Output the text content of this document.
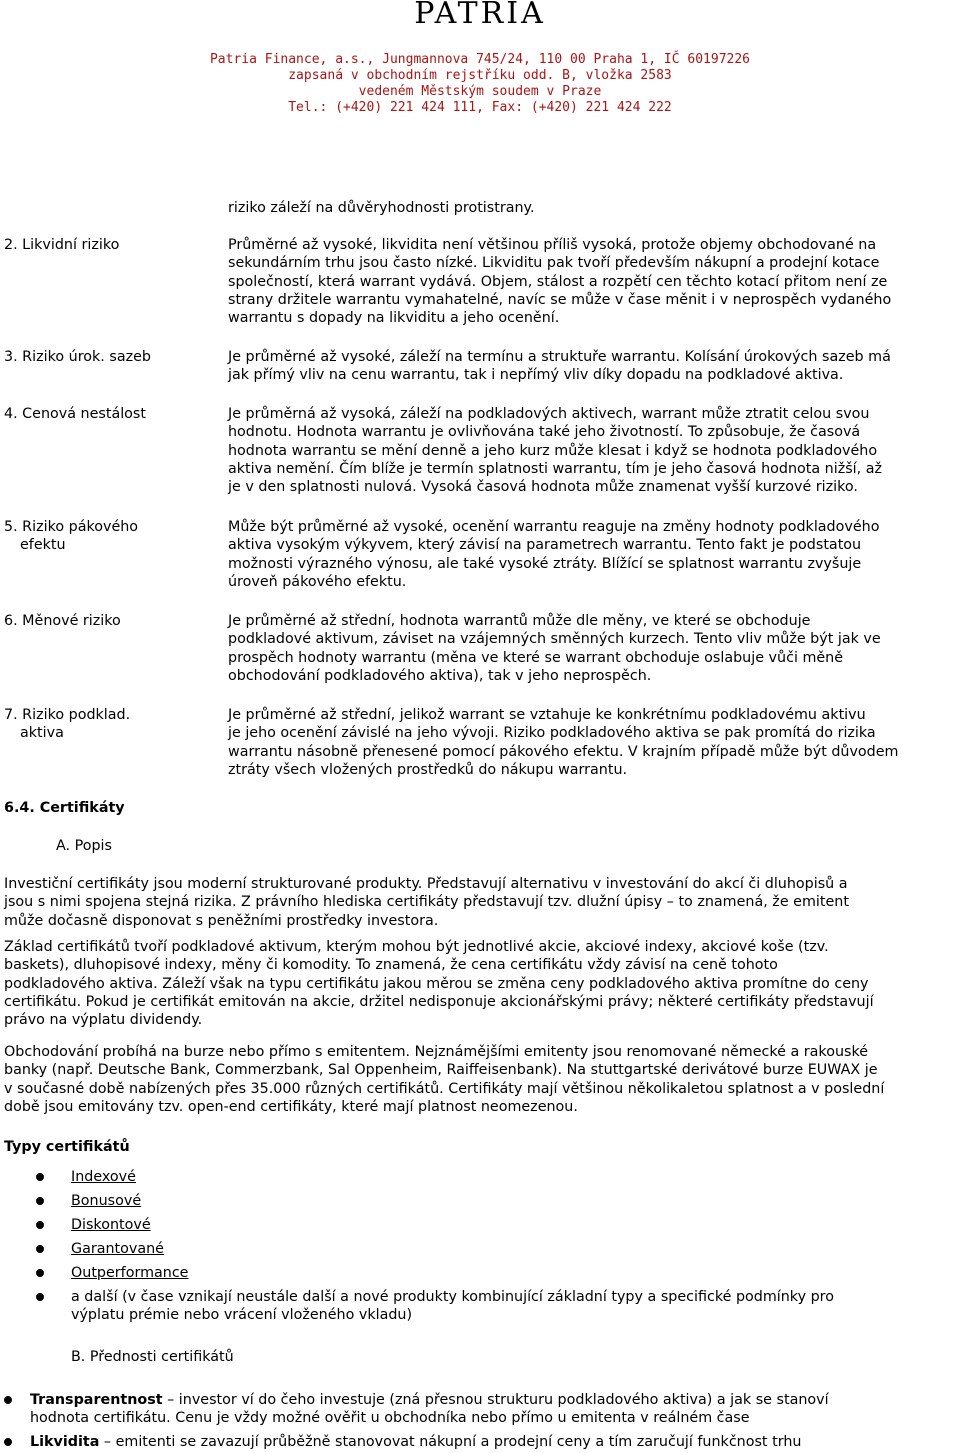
PATRIA
Patria Finance, a.s., Jungmannova 745/24, 110 00 Praha 1, IČ 60197226
zapsaná v obchodním rejstříku odd. B, vložka 2583
vedeném Městským soudem v Praze
Tel.: (+420) 221 424 111, Fax: (+420) 221 424 222
riziko záleží na důvěryhodnosti protistrany.
2. Likvidní riziko	Průměrné až vysoké, likvidita není většinou příliš vysoká, protože objemy obchodované na
sekundárním trhu jsou často nízké. Likviditu pak tvoří především nákupní a prodejní kotace
společností, která warrant vydává. Objem, stálost a rozpětí cen těchto kotací přitom není ze
strany držitele warrantu vymahatelné, navíc se může v čase měnit i v neprospěch vydaného
warrantu s dopady na likviditu a jeho ocenění.
3. Riziko úrok. sazeb	Je průměrné až vysoké, záleží na termínu a struktuře warrantu. Kolísání úrokových sazeb má
jak přímý vliv na cenu warrantu, tak i nepřímý vliv díky dopadu na podkladové aktiva.
4. Cenová nestálost	Je průměrná až vysoká, záleží na podkladových aktivech, warrant může ztratit celou svou
hodnotu. Hodnota warrantu je ovlivňována také jeho životností. To způsobuje, že časová
hodnota warrantu se mění denně a jeho kurz může klesat i když se hodnota podkladového
aktiva nemění. Čím blíže je termín splatnosti warrantu, tím je jeho časová hodnota nižší, až
je v den splatnosti nulová. Vysoká časová hodnota může znamenat vyšší kurzové riziko.
5. Riziko pákového
efektu
Může být průměrné až vysoké, ocenění warrantu reaguje na změny hodnoty podkladového
aktiva vysokým výkyvem, který závisí na parametrech warrantu. Tento fakt je podstatou
možnosti výrazného výnosu, ale také vysoké ztráty. Blížící se splatnost warrantu zvyšuje
úroveň pákového efektu.
6. Měnové riziko	Je průměrné až střední, hodnota warrantů může dle měny, ve které se obchoduje
podkladové aktivum, záviset na vzájemných směnných kurzech. Tento vliv může být jak ve
prospěch hodnoty warrantu (měna ve které se warrant obchoduje oslabuje vůči měně
obchodování podkladového aktiva), tak v jeho neprospěch.
7. Riziko podklad.
aktiva
Je průměrné až střední, jelikož warrant se vztahuje ke konkrétnímu podkladovému aktivu
je jeho ocenění závislé na jeho vývoji. Riziko podkladového aktiva se pak promítá do rizika
warrantu násobně přenesené pomocí pákového efektu. V krajním případě může být důvodem
ztráty všech vložených prostředků do nákupu warrantu.
6.4. Certifikáty
A. Popis
Investiční certifikáty jsou moderní strukturované produkty. Představují alternativu v investování do akcí či dluhopisů a
jsou s nimi spojena stejná rizika. Z právního hlediska certifikáty představují tzv. dlužní úpisy – to znamená, že emitent
může dočasně disponovat s peněžními prostředky investora.
Základ certifikátů tvoří podkladové aktivum, kterým mohou být jednotlivé akcie, akciové indexy, akciové koše (tzv.
baskets), dluhopisové indexy, měny či komodity. To znamená, že cena certifikátu vždy závisí na ceně tohoto
podkladového aktiva. Záleží však na typu certifikátu jakou měrou se změna ceny podkladového aktiva promítne do ceny
certifikátu. Pokud je certifikát emitován na akcie, držitel nedisponuje akcionářskými právy; některé certifikáty představují
právo na výplatu dividendy.
Obchodování probíhá na burze nebo přímo s emitentem. Nejznámějšími emitenty jsou renomované německé a rakouské
banky (např. Deutsche Bank, Commerzbank, Sal Oppenheim, Raiffeisenbank). Na stuttgartské derivátové burze EUWAX je
v současné době nabízených přes 35.000 různých certifikátů. Certifikáty mají většinou několikaletou splatnost a v poslední
době jsou emitovány tzv. open-end certifikáty, které mají platnost neomezenou.
Typy certifikátů
Indexové
Bonusové
Diskontové
Garantované
Outperformance
a další (v čase vznikají neustále další a nové produkty kombinující základní typy a specifické podmínky pro
výplatu prémie nebo vrácení vloženého vkladu)
B. Přednosti certifikátů
Transparentnost – investor ví do čeho investuje (zná přesnou strukturu podkladového aktiva) a jak se stanoví
hodnota certifikátu. Cenu je vždy možné ověřit u obchodníka nebo přímo u emitenta v reálném čase
Likvidita – emitenti se zavazují průběžně stanovovat nákupní a prodejní ceny a tím zaručují funkčnost trhu
